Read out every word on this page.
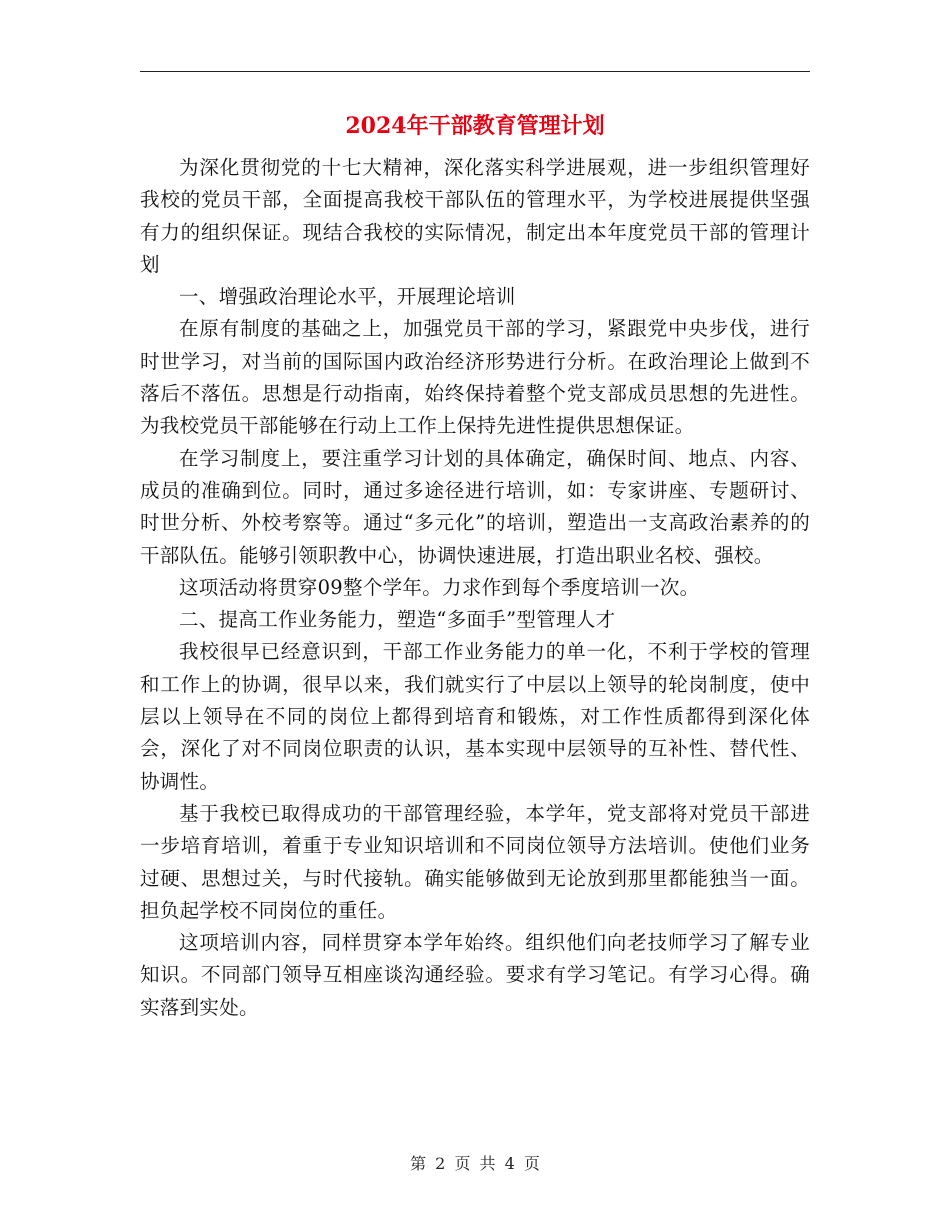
2024年干部教育管理计划

为深化贯彻党的十七大精神，深化落实科学进展观，进一步组织管理好我校的党员干部，全面提高我校干部队伍的管理水平，为学校进展提供坚强有力的组织保证。现结合我校的实际情况，制定出本年度党员干部的管理计划

一、增强政治理论水平，开展理论培训

在原有制度的基础之上，加强党员干部的学习，紧跟党中央步伐，进行时世学习，对当前的国际国内政治经济形势进行分析。在政治理论上做到不落后不落伍。思想是行动指南，始终保持着整个党支部成员思想的先进性。为我校党员干部能够在行动上工作上保持先进性提供思想保证。

在学习制度上，要注重学习计划的具体确定，确保时间、地点、内容、成员的准确到位。同时，通过多途径进行培训，如：专家讲座、专题研讨、时世分析、外校考察等。通过“多元化”的培训，塑造出一支高政治素养的的干部队伍。能够引领职教中心，协调快速进展，打造出职业名校、强校。

这项活动将贯穿09整个学年。力求作到每个季度培训一次。

二、提高工作业务能力，塑造“多面手”型管理人才

我校很早已经意识到，干部工作业务能力的单一化，不利于学校的管理和工作上的协调，很早以来，我们就实行了中层以上领导的轮岗制度，使中层以上领导在不同的岗位上都得到培育和锻炼，对工作性质都得到深化体会，深化了对不同岗位职责的认识，基本实现中层领导的互补性、替代性、协调性。

基于我校已取得成功的干部管理经验，本学年，党支部将对党员干部进一步培育培训，着重于专业知识培训和不同岗位领导方法培训。使他们业务过硬、思想过关，与时代接轨。确实能够做到无论放到那里都能独当一面。担负起学校不同岗位的重任。

这项培训内容，同样贯穿本学年始终。组织他们向老技师学习了解专业知识。不同部门领导互相座谈沟通经验。要求有学习笔记。有学习心得。确实落到实处。

第 2 页 共 4 页
